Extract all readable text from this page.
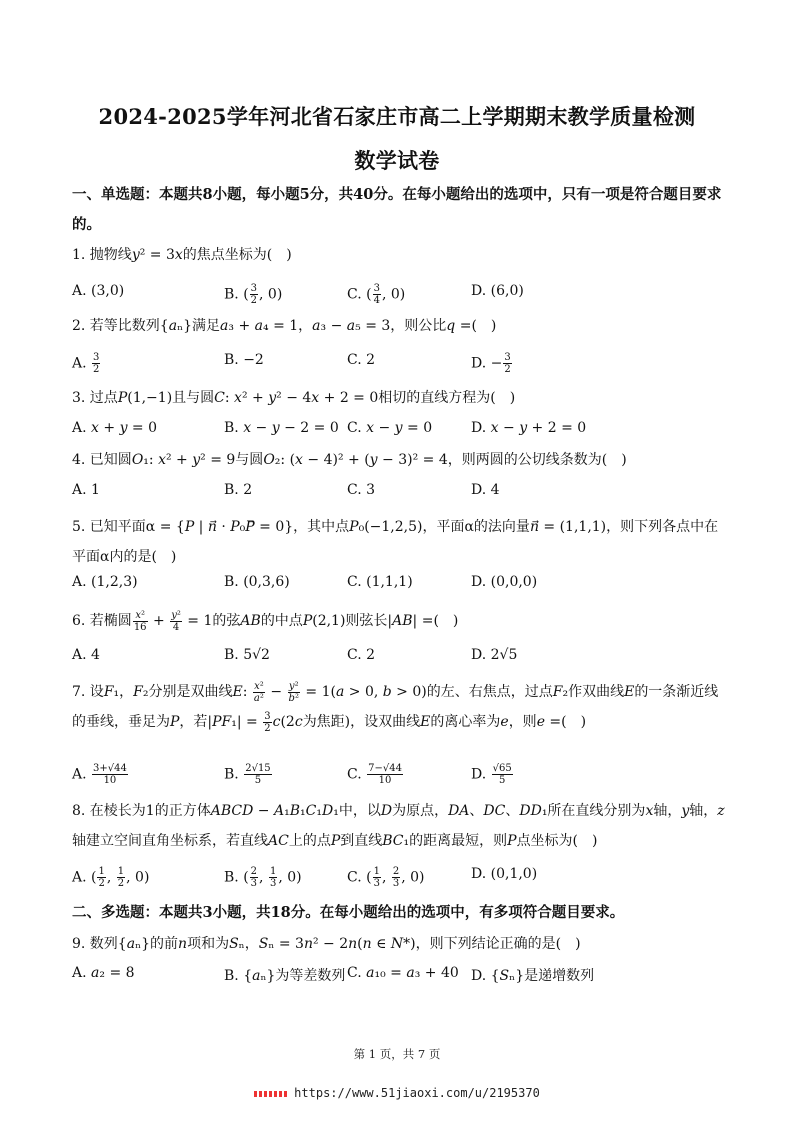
2024-2025学年河北省石家庄市高二上学期期末教学质量检测
数学试卷
一、单选题：本题共8小题，每小题5分，共40分。在每小题给出的选项中，只有一项是符合题目要求的。
1. 抛物线y² = 3x的焦点坐标为(　)
A. (3,0)	B. ( $\frac{3}{2}$ , 0)	C. ( $\frac{3}{4}$ , 0)	D. (6,0)
2. 若等比数列{aₙ}满足a₃ + a₄ = 1，a₃ − a₅ = 3，则公比q =(　)
A. $\frac{3}{2}$	B. −2	C. 2	D. − $\frac{3}{2}$
3. 过点P(1,−1)且与圆C: x² + y² − 4x + 2 = 0相切的直线方程为(　)
A. x + y = 0	B. x − y − 2 = 0 C. x − y = 0	D. x − y + 2 = 0
4. 已知圆O₁: x² + y² = 9与圆O₂: (x − 4)² + (y − 3)² = 4，则两圆的公切线条数为(　)
A. 1	B. 2	C. 3	D. 4
5. 已知平面α = {P | n⃗ · P₀P⃗ = 0}，其中点P₀(−1,2,5)，平面α的法向量n⃗ = (1,1,1)，则下列各点中在平面α内的是(　)
A. (1,2,3)	B. (0,3,6)	C. (1,1,1)	D. (0,0,0)
6. 若椭圆 $\frac{\text{x²}}{16} + \frac{\text{y²}}{4} = 1$的弦AB的中点P(2,1)则弦长|AB| =(　)
A. 4	B. 5√2	C. 2	D. 2√5
7. 设F₁，F₂分别是双曲线E: $\frac{\text{x²}}{\text{a²}} - \frac{\text{y²}}{\text{b²}} = 1(a > 0$, b > 0)的左、右焦点，过点F₂作双曲线E的一条渐近线的垂线，垂足为P，若$|PF_1| = \frac{3}{2} c(2c$为焦距)，设双曲线E的离心率为e，则e =(　)
A. $\frac{3+√44}{10}$	B. $\frac{2√15}{5}$	C. $\frac{7-√44}{10}$	D. $\frac{√65}{5}$
8. 在棱长为1的正方体ABCD − A₁B₁C₁D₁中，以D为原点，DA、DC、DD₁所在直线分别为x轴，y轴，z轴建立空间直角坐标系，若直线AC上的点P到直线BC₁的距离最短，则P点坐标为(　)
A. ( $\frac{1}{2}$ , $\frac{1}{2}$ , 0)	B. ( $\frac{2}{3}$ , $\frac{1}{3}$ , 0)	C. ( $\frac{1}{3}$ , $\frac{2}{3}$ , 0)	D. (0,1,0)
二、多选题：本题共3小题，共18分。在每小题给出的选项中，有多项符合题目要求。
9. 数列{aₙ}的前n项和为Sₙ，Sₙ = 3n² − 2n(n ∈ N*)，则下列结论正确的是(　)
A. a₂ = 8	B. {aₙ}为等差数列 C. a₁₀ = a₃ + 40 D. {Sₙ}是递增数列
第 1 页，共 7 页
https://www.51jiaoxi.com/u/2195370
